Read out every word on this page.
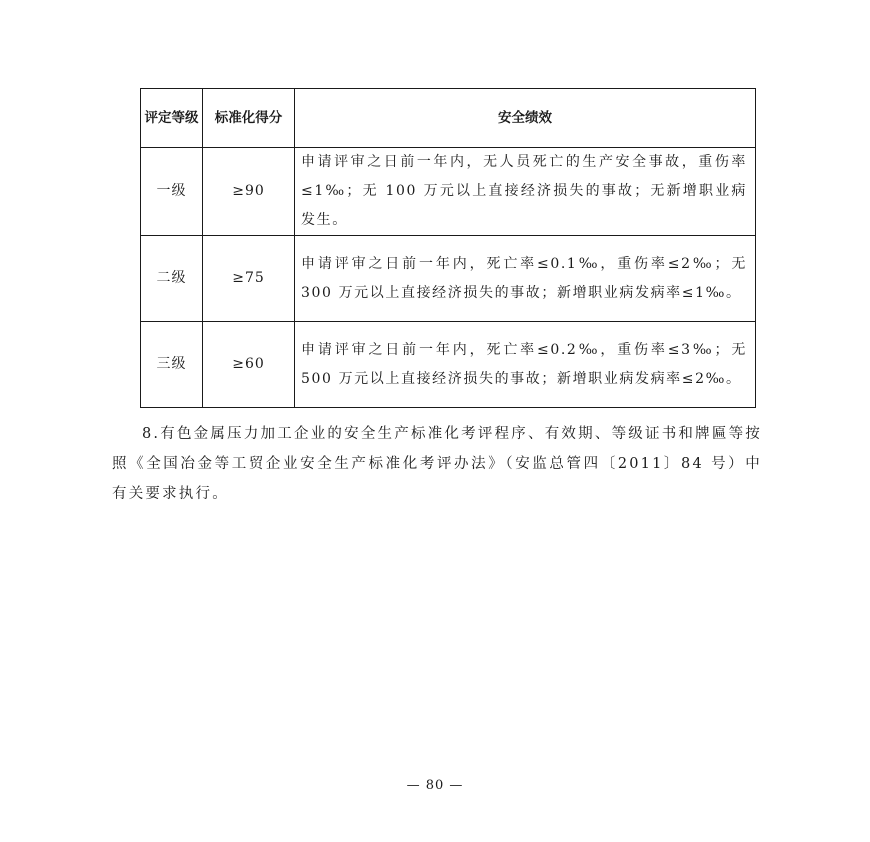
评定等级	标准化得分	安全绩效
一级	≥90	申请评审之日前一年内，无人员死亡的生产安全事故，重伤率≤1‰；无 100 万元以上直接经济损失的事故；无新增职业病发生。
二级	≥75	申请评审之日前一年内，死亡率≤0.1‰，重伤率≤2‰；无 300 万元以上直接经济损失的事故；新增职业病发病率≤1‰。
三级	≥60	申请评审之日前一年内，死亡率≤0.2‰，重伤率≤3‰；无 500 万元以上直接经济损失的事故；新增职业病发病率≤2‰。

8.有色金属压力加工企业的安全生产标准化考评程序、有效期、等级证书和牌匾等按照《全国冶金等工贸企业安全生产标准化考评办法》（安监总管四〔2011〕84 号）中有关要求执行。

— 80 —
